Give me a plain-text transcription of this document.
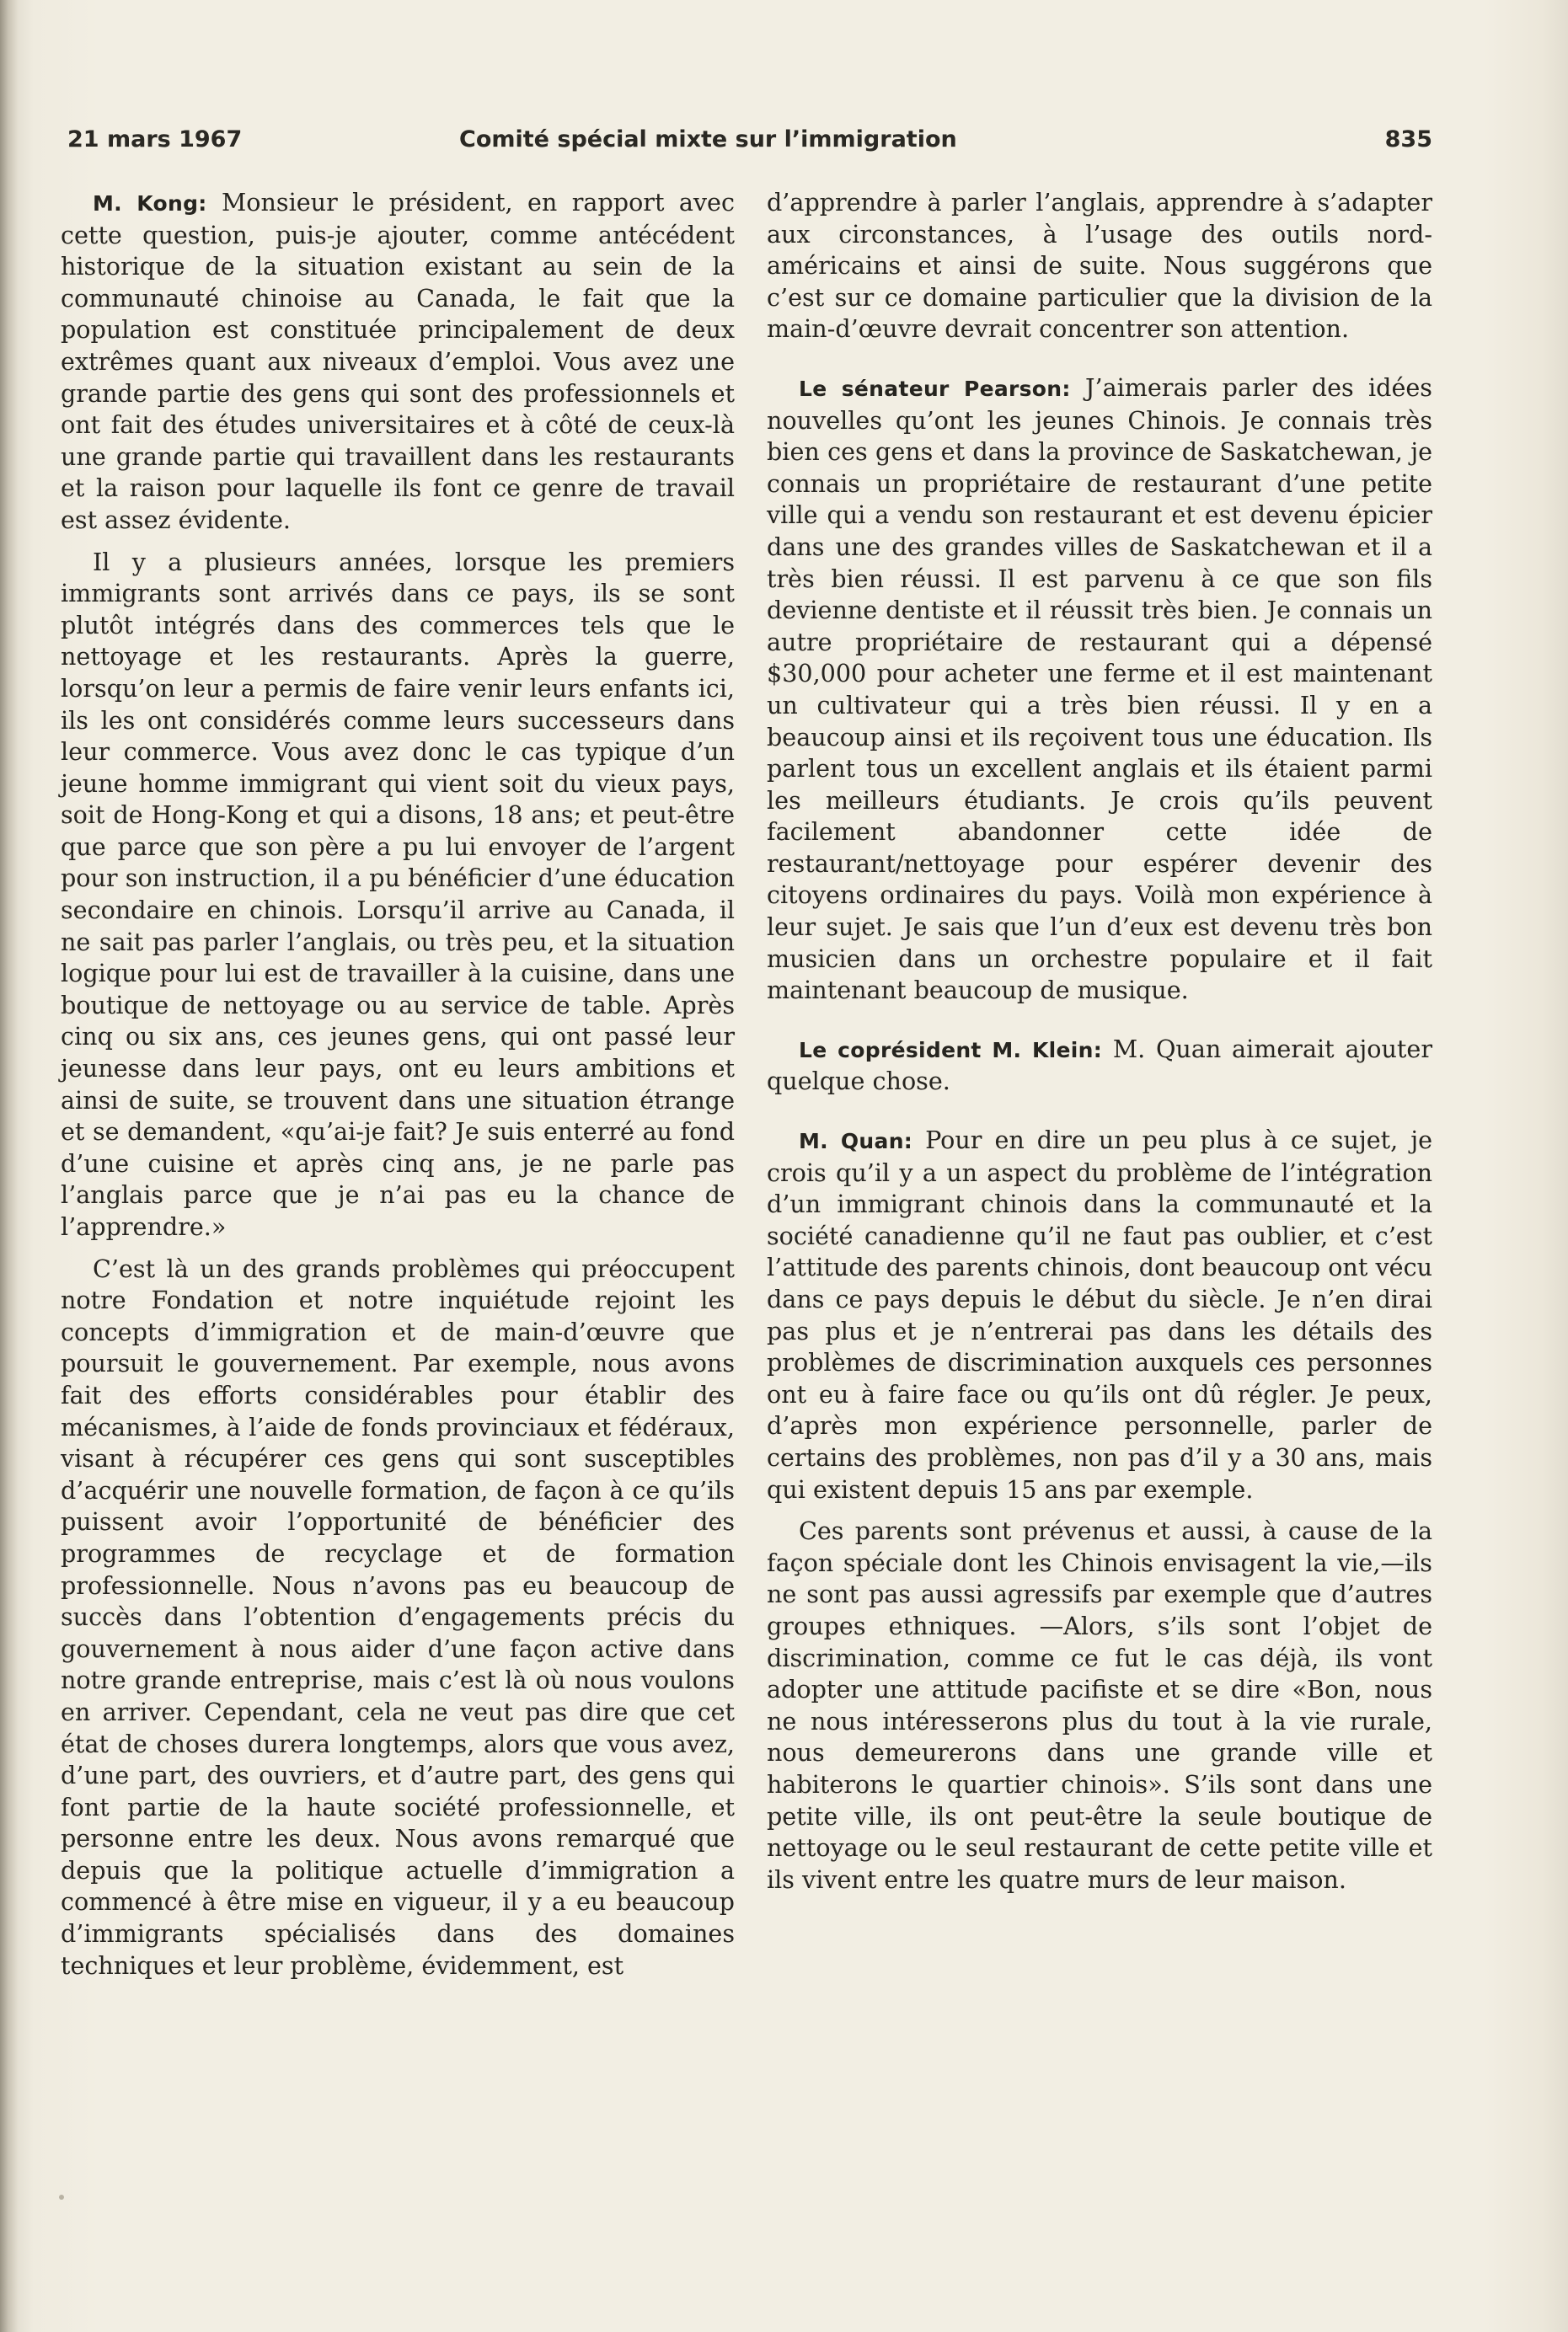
21 mars 1967	Comité spécial mixte sur l’immigration	835

M. Kong: Monsieur le président, en rapport avec cette question, puis-je ajouter, comme antécédent historique de la situation existant au sein de la communauté chinoise au Canada, le fait que la population est constituée principalement de deux extrêmes quant aux niveaux d’emploi. Vous avez une grande partie des gens qui sont des professionnels et ont fait des études universitaires et à côté de ceux-là une grande partie qui travaillent dans les restaurants et la raison pour laquelle ils font ce genre de travail est assez évidente.

Il y a plusieurs années, lorsque les premiers immigrants sont arrivés dans ce pays, ils se sont plutôt intégrés dans des commerces tels que le nettoyage et les restaurants. Après la guerre, lorsqu’on leur a permis de faire venir leurs enfants ici, ils les ont considérés comme leurs successeurs dans leur commerce. Vous avez donc le cas typique d’un jeune homme immigrant qui vient soit du vieux pays, soit de Hong-Kong et qui a disons, 18 ans; et peut-être que parce que son père a pu lui envoyer de l’argent pour son instruction, il a pu bénéficier d’une éducation secondaire en chinois. Lorsqu’il arrive au Canada, il ne sait pas parler l’anglais, ou très peu, et la situation logique pour lui est de travailler à la cuisine, dans une boutique de nettoyage ou au service de table. Après cinq ou six ans, ces jeunes gens, qui ont passé leur jeunesse dans leur pays, ont eu leurs ambitions et ainsi de suite, se trouvent dans une situation étrange et se demandent, «qu’ai-je fait? Je suis enterré au fond d’une cuisine et après cinq ans, je ne parle pas l’anglais parce que je n’ai pas eu la chance de l’apprendre.»

C’est là un des grands problèmes qui préoccupent notre Fondation et notre inquiétude rejoint les concepts d’immigration et de main-d’œuvre que poursuit le gouvernement. Par exemple, nous avons fait des efforts considérables pour établir des mécanismes, à l’aide de fonds provinciaux et fédéraux, visant à récupérer ces gens qui sont susceptibles d’acquérir une nouvelle formation, de façon à ce qu’ils puissent avoir l’opportunité de bénéficier des programmes de recyclage et de formation professionnelle. Nous n’avons pas eu beaucoup de succès dans l’obtention d’engagements précis du gouvernement à nous aider d’une façon active dans notre grande entreprise, mais c’est là où nous voulons en arriver. Cependant, cela ne veut pas dire que cet état de choses durera longtemps, alors que vous avez, d’une part, des ouvriers, et d’autre part, des gens qui font partie de la haute société professionnelle, et personne entre les deux. Nous avons remarqué que depuis que la politique actuelle d’immigration a commencé à être mise en vigueur, il y a eu beaucoup d’immigrants spécialisés dans des domaines techniques et leur problème, évidemment, est

d’apprendre à parler l’anglais, apprendre à s’adapter aux circonstances, à l’usage des outils nord-américains et ainsi de suite. Nous suggérons que c’est sur ce domaine particulier que la division de la main-d’œuvre devrait concentrer son attention.

Le sénateur Pearson: J’aimerais parler des idées nouvelles qu’ont les jeunes Chinois. Je connais très bien ces gens et dans la province de Saskatchewan, je connais un propriétaire de restaurant d’une petite ville qui a vendu son restaurant et est devenu épicier dans une des grandes villes de Saskatchewan et il a très bien réussi. Il est parvenu à ce que son fils devienne dentiste et il réussit très bien. Je connais un autre propriétaire de restaurant qui a dépensé $30,000 pour acheter une ferme et il est maintenant un cultivateur qui a très bien réussi. Il y en a beaucoup ainsi et ils reçoivent tous une éducation. Ils parlent tous un excellent anglais et ils étaient parmi les meilleurs étudiants. Je crois qu’ils peuvent facilement abandonner cette idée de restaurant/nettoyage pour espérer devenir des citoyens ordinaires du pays. Voilà mon expérience à leur sujet. Je sais que l’un d’eux est devenu très bon musicien dans un orchestre populaire et il fait maintenant beaucoup de musique.

Le coprésident M. Klein: M. Quan aimerait ajouter quelque chose.

M. Quan: Pour en dire un peu plus à ce sujet, je crois qu’il y a un aspect du problème de l’intégration d’un immigrant chinois dans la communauté et la société canadienne qu’il ne faut pas oublier, et c’est l’attitude des parents chinois, dont beaucoup ont vécu dans ce pays depuis le début du siècle. Je n’en dirai pas plus et je n’entrerai pas dans les détails des problèmes de discrimination auxquels ces personnes ont eu à faire face ou qu’ils ont dû régler. Je peux, d’après mon expérience personnelle, parler de certains des problèmes, non pas d’il y a 30 ans, mais qui existent depuis 15 ans par exemple.

Ces parents sont prévenus et aussi, à cause de la façon spéciale dont les Chinois envisagent la vie,—ils ne sont pas aussi agressifs par exemple que d’autres groupes ethniques. —Alors, s’ils sont l’objet de discrimination, comme ce fut le cas déjà, ils vont adopter une attitude pacifiste et se dire «Bon, nous ne nous intéresserons plus du tout à la vie rurale, nous demeurerons dans une grande ville et habiterons le quartier chinois». S’ils sont dans une petite ville, ils ont peut-être la seule boutique de nettoyage ou le seul restaurant de cette petite ville et ils vivent entre les quatre murs de leur maison.
